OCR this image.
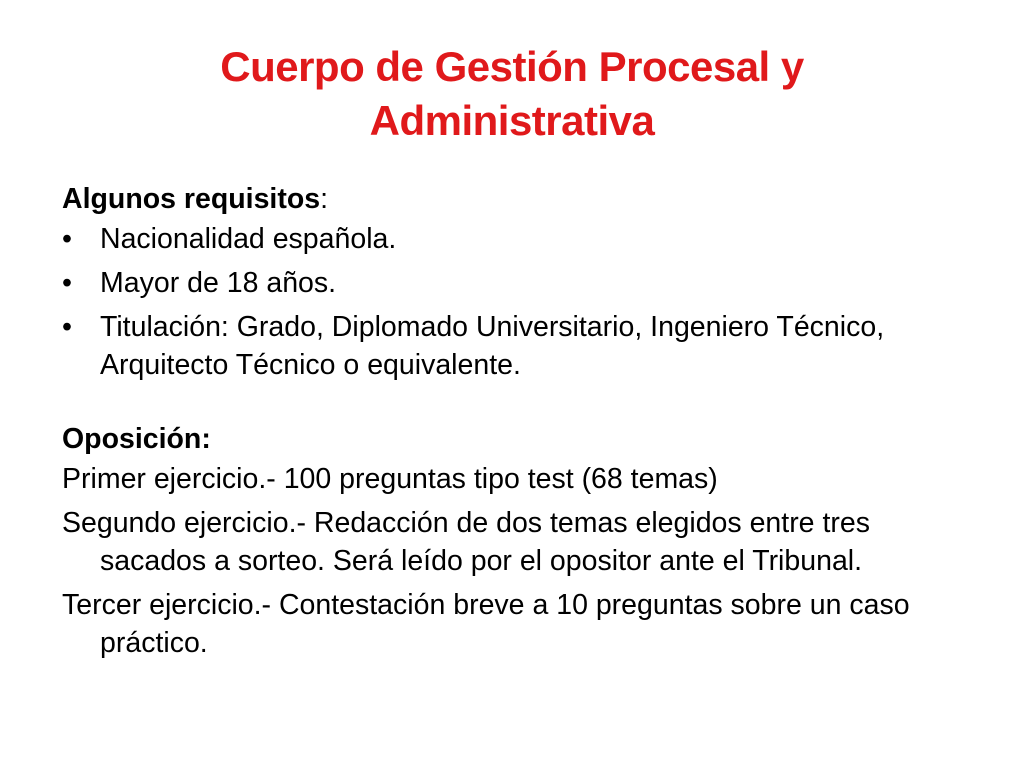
Cuerpo de Gestión Procesal y
Administrativa
Algunos requisitos:
• Nacionalidad española.
• Mayor de 18 años.
• Titulación: Grado, Diplomado Universitario, Ingeniero Técnico, Arquitecto Técnico o equivalente.
Oposición:
Primer ejercicio.- 100 preguntas tipo test (68 temas)
Segundo ejercicio.- Redacción de dos temas elegidos entre tres sacados a sorteo. Será leído por el opositor ante el Tribunal.
Tercer ejercicio.- Contestación breve a 10 preguntas sobre un caso práctico.
